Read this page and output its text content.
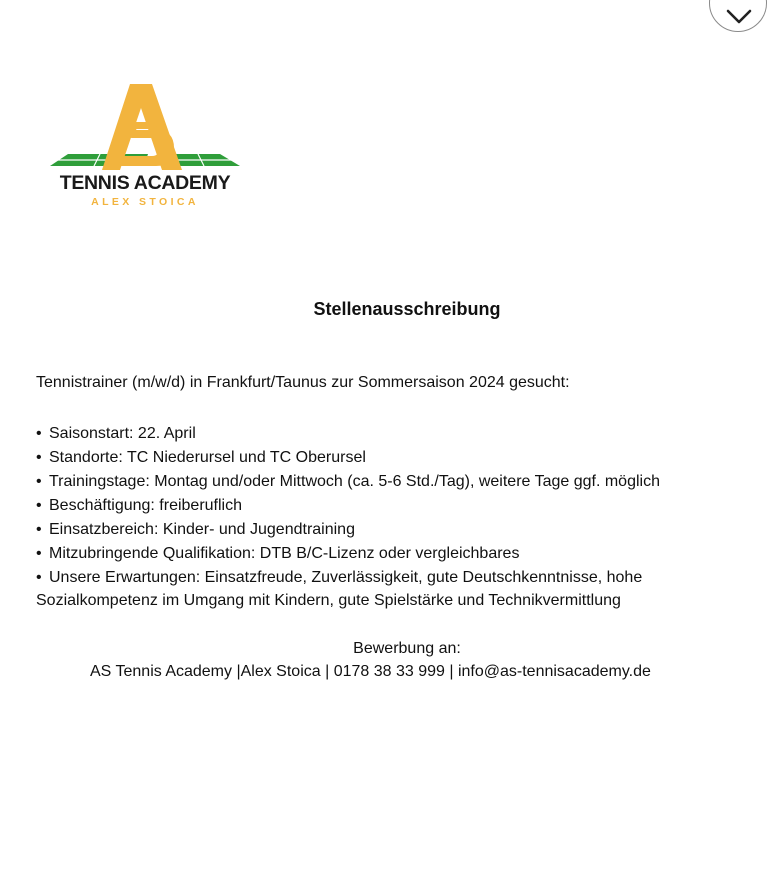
TENNIS ACADEMY
ALEX STOICA
Stellenausschreibung
Tennistrainer (m/w/d) in Frankfurt/Taunus zur Sommersaison 2024 gesucht:
• Saisonstart: 22. April
• Standorte: TC Niederursel und TC Oberursel
• Trainingstage: Montag und/oder Mittwoch (ca. 5-6 Std./Tag), weitere Tage ggf. möglich
• Beschäftigung: freiberuflich
• Einsatzbereich: Kinder- und Jugendtraining
• Mitzubringende Qualifikation: DTB B/C-Lizenz oder vergleichbares
• Unsere Erwartungen: Einsatzfreude, Zuverlässigkeit, gute Deutschkenntnisse, hohe
Sozialkompetenz im Umgang mit Kindern, gute Spielstärke und Technikvermittlung
Bewerbung an:
AS Tennis Academy |Alex Stoica | 0178 38 33 999 | info@as-tennisacademy.de
